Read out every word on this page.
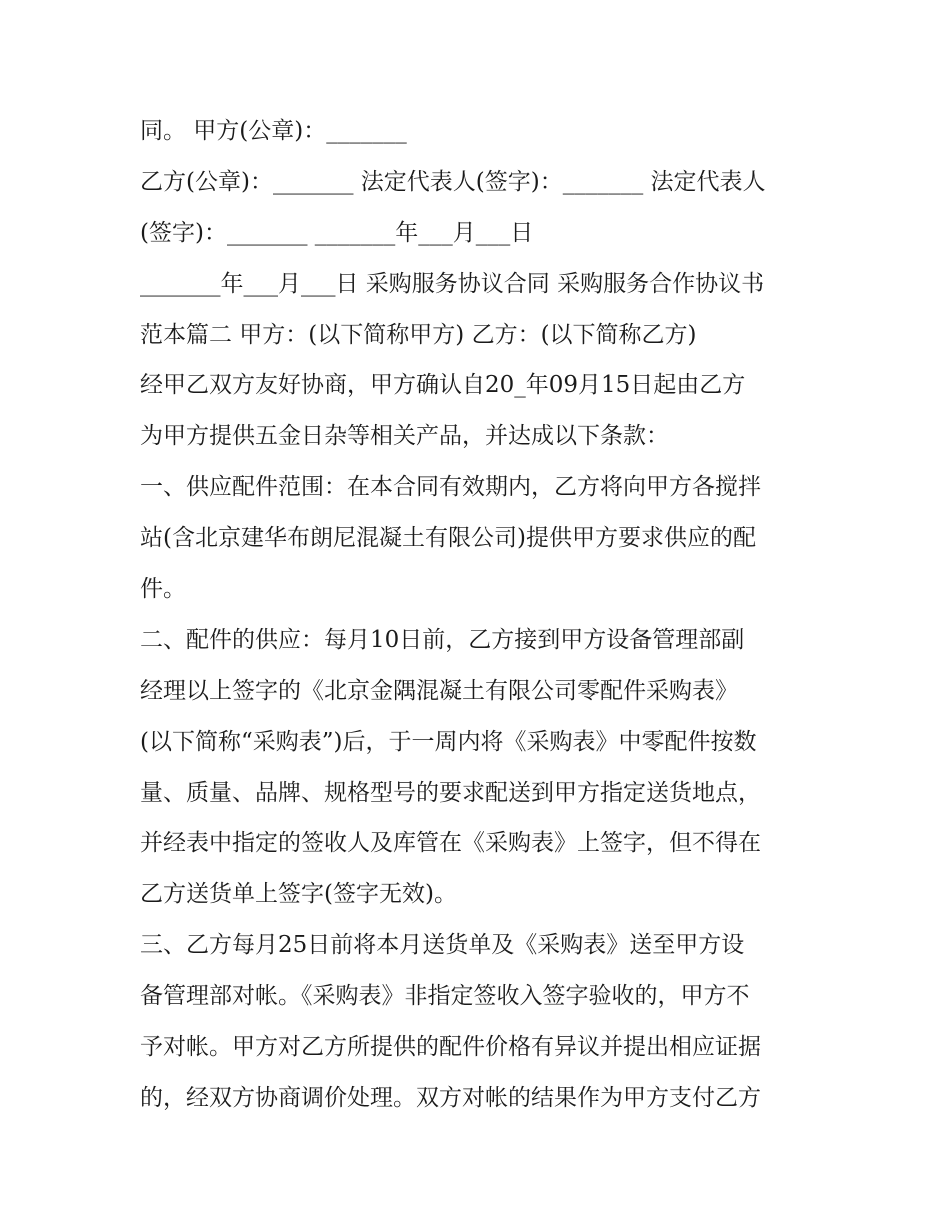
同。 甲方(公章)：_______
乙方(公章)：_______ 法定代表人(签字)：_______ 法定代表人
(签字)：_______ _______年___月___日
_______年___月___日 采购服务协议合同 采购服务合作协议书
范本篇二 甲方：(以下简称甲方) 乙方：(以下简称乙方)
经甲乙双方友好协商，甲方确认自20_年09月15日起由乙方
为甲方提供五金日杂等相关产品，并达成以下条款：
一、供应配件范围：在本合同有效期内，乙方将向甲方各搅拌
站(含北京建华布朗尼混凝土有限公司)提供甲方要求供应的配
件。
二、配件的供应：每月10日前，乙方接到甲方设备管理部副
经理以上签字的《北京金隅混凝土有限公司零配件采购表》
(以下简称“采购表”)后，于一周内将《采购表》中零配件按数
量、质量、品牌、规格型号的要求配送到甲方指定送货地点，
并经表中指定的签收人及库管在《采购表》上签字，但不得在
乙方送货单上签字(签字无效)。
三、乙方每月25日前将本月送货单及《采购表》送至甲方设
备管理部对帐。《采购表》非指定签收入签字验收的，甲方不
予对帐。甲方对乙方所提供的配件价格有异议并提出相应证据
的，经双方协商调价处理。双方对帐的结果作为甲方支付乙方
